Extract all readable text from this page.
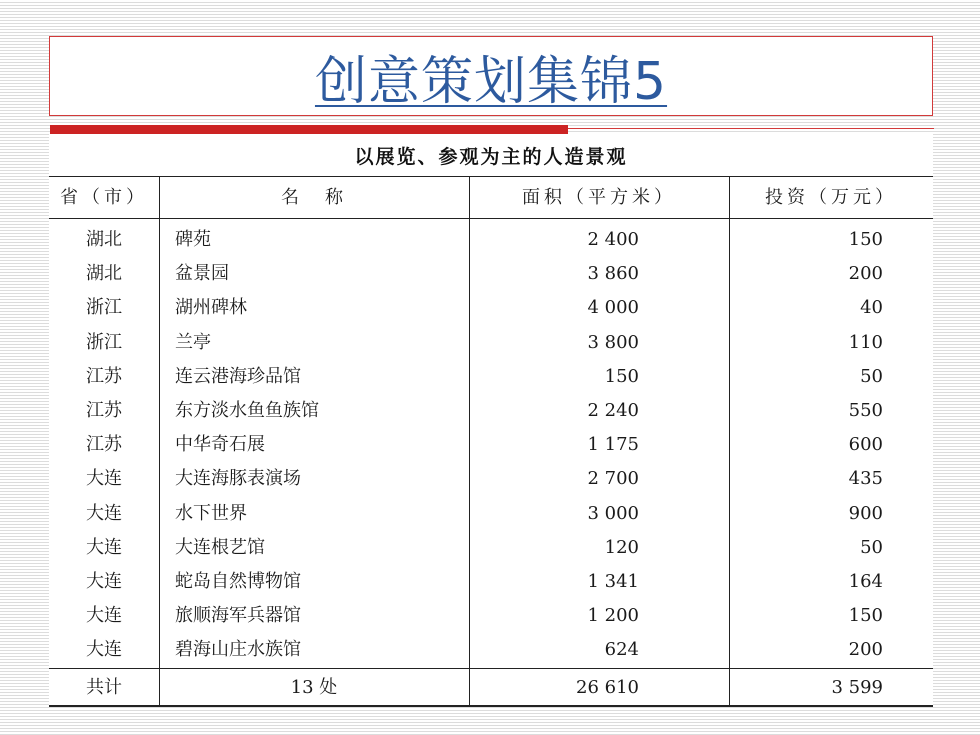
创意策划集锦5
以展览、参观为主的人造景观
省（市）	名　称	面积（平方米）	投资（万元）
湖北	碑苑	2 400	150
湖北	盆景园	3 860	200
浙江	湖州碑林	4 000	40
浙江	兰亭	3 800	110
江苏	连云港海珍品馆	150	50
江苏	东方淡水鱼鱼族馆	2 240	550
江苏	中华奇石展	1 175	600
大连	大连海豚表演场	2 700	435
大连	水下世界	3 000	900
大连	大连根艺馆	120	50
大连	蛇岛自然博物馆	1 341	164
大连	旅顺海军兵器馆	1 200	150
大连	碧海山庄水族馆	624	200
共计	13 处	26 610	3 599
